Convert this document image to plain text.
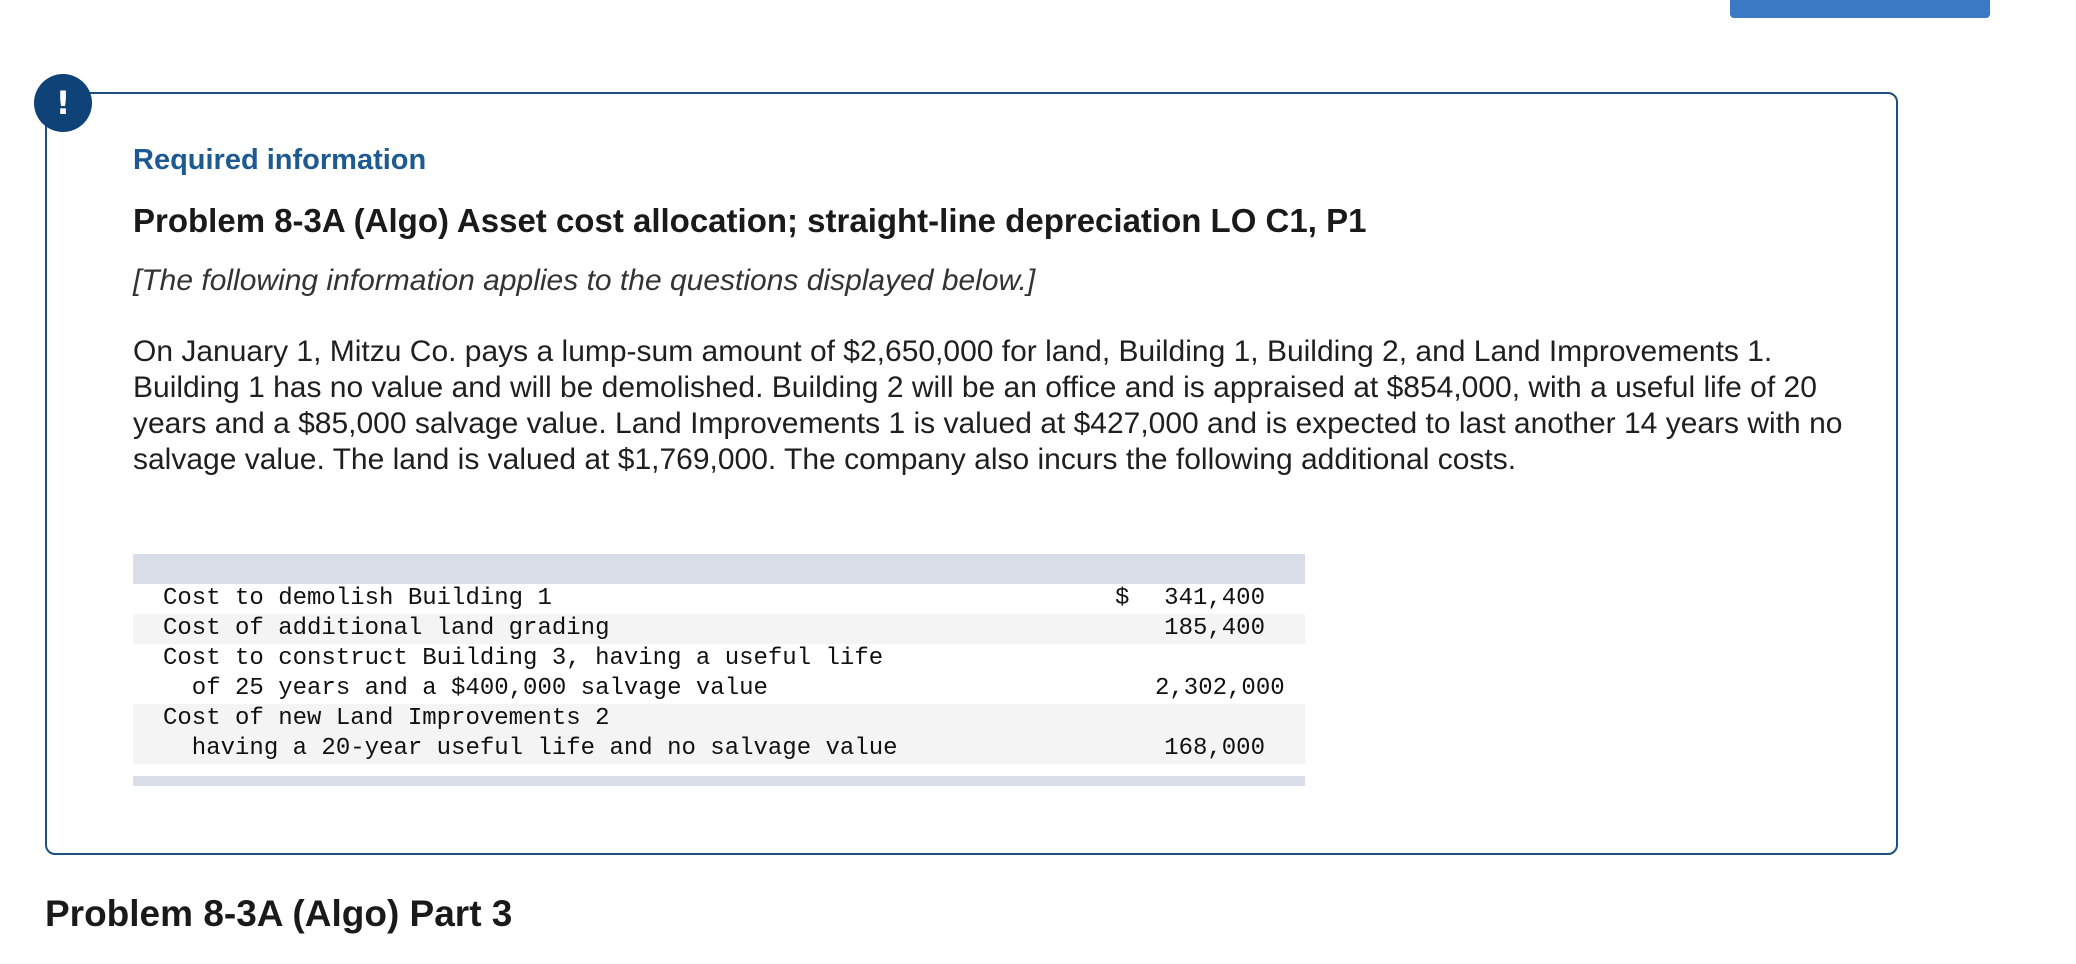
!
Required information
Problem 8-3A (Algo) Asset cost allocation; straight-line depreciation LO C1, P1
[The following information applies to the questions displayed below.]
On January 1, Mitzu Co. pays a lump-sum amount of $2,650,000 for land, Building 1, Building 2, and Land Improvements 1. Building 1 has no value and will be demolished. Building 2 will be an office and is appraised at $854,000, with a useful life of 20 years and a $85,000 salvage value. Land Improvements 1 is valued at $427,000 and is expected to last another 14 years with no salvage value. The land is valued at $1,769,000. The company also incurs the following additional costs.
Cost to demolish Building 1	$	341,400
Cost of additional land grading	185,400
Cost to construct Building 3, having a useful life
of 25 years and a $400,000 salvage value	2,302,000
Cost of new Land Improvements 2
having a 20-year useful life and no salvage value	168,000
Problem 8-3A (Algo) Part 3
